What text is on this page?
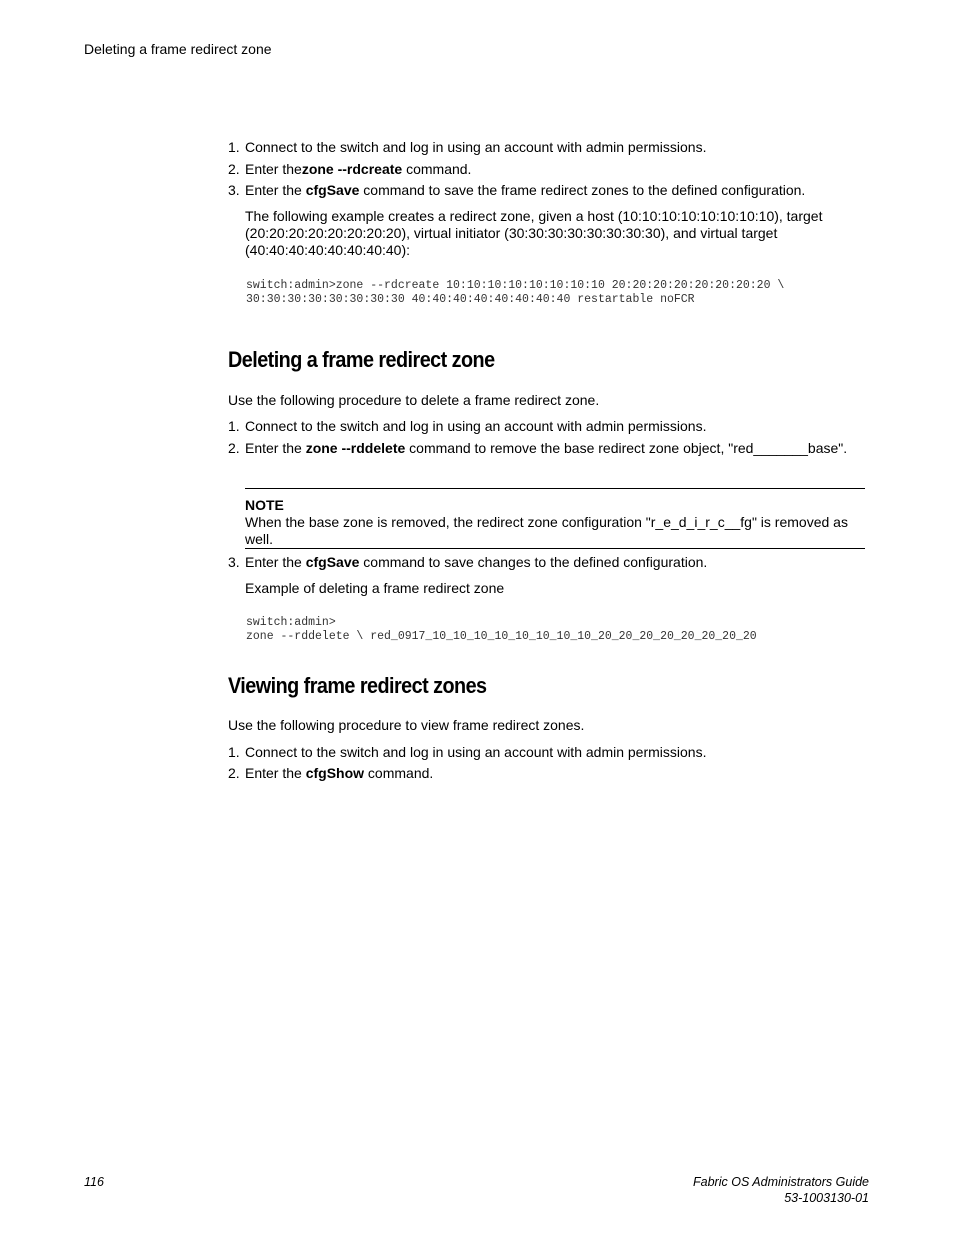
Deleting a frame redirect zone
1. Connect to the switch and log in using an account with admin permissions.
2. Enter thezone --rdcreate command.
3. Enter the cfgSave command to save the frame redirect zones to the defined configuration.
The following example creates a redirect zone, given a host (10:10:10:10:10:10:10:10), target
(20:20:20:20:20:20:20:20), virtual initiator (30:30:30:30:30:30:30:30), and virtual target
(40:40:40:40:40:40:40:40):
switch:admin>zone --rdcreate 10:10:10:10:10:10:10:10 20:20:20:20:20:20:20:20 \
30:30:30:30:30:30:30:30 40:40:40:40:40:40:40:40 restartable noFCR
Deleting a frame redirect zone
Use the following procedure to delete a frame redirect zone.
1. Connect to the switch and log in using an account with admin permissions.
2. Enter the zone --rddelete command to remove the base redirect zone object, "red_______base".
NOTE
When the base zone is removed, the redirect zone configuration "r_e_d_i_r_c__fg" is removed as
well.
3. Enter the cfgSave command to save changes to the defined configuration.
Example of deleting a frame redirect zone
switch:admin>
zone --rddelete \ red_0917_10_10_10_10_10_10_10_10_20_20_20_20_20_20_20_20
Viewing frame redirect zones
Use the following procedure to view frame redirect zones.
1. Connect to the switch and log in using an account with admin permissions.
2. Enter the cfgShow command.
116	Fabric OS Administrators Guide
53-1003130-01
